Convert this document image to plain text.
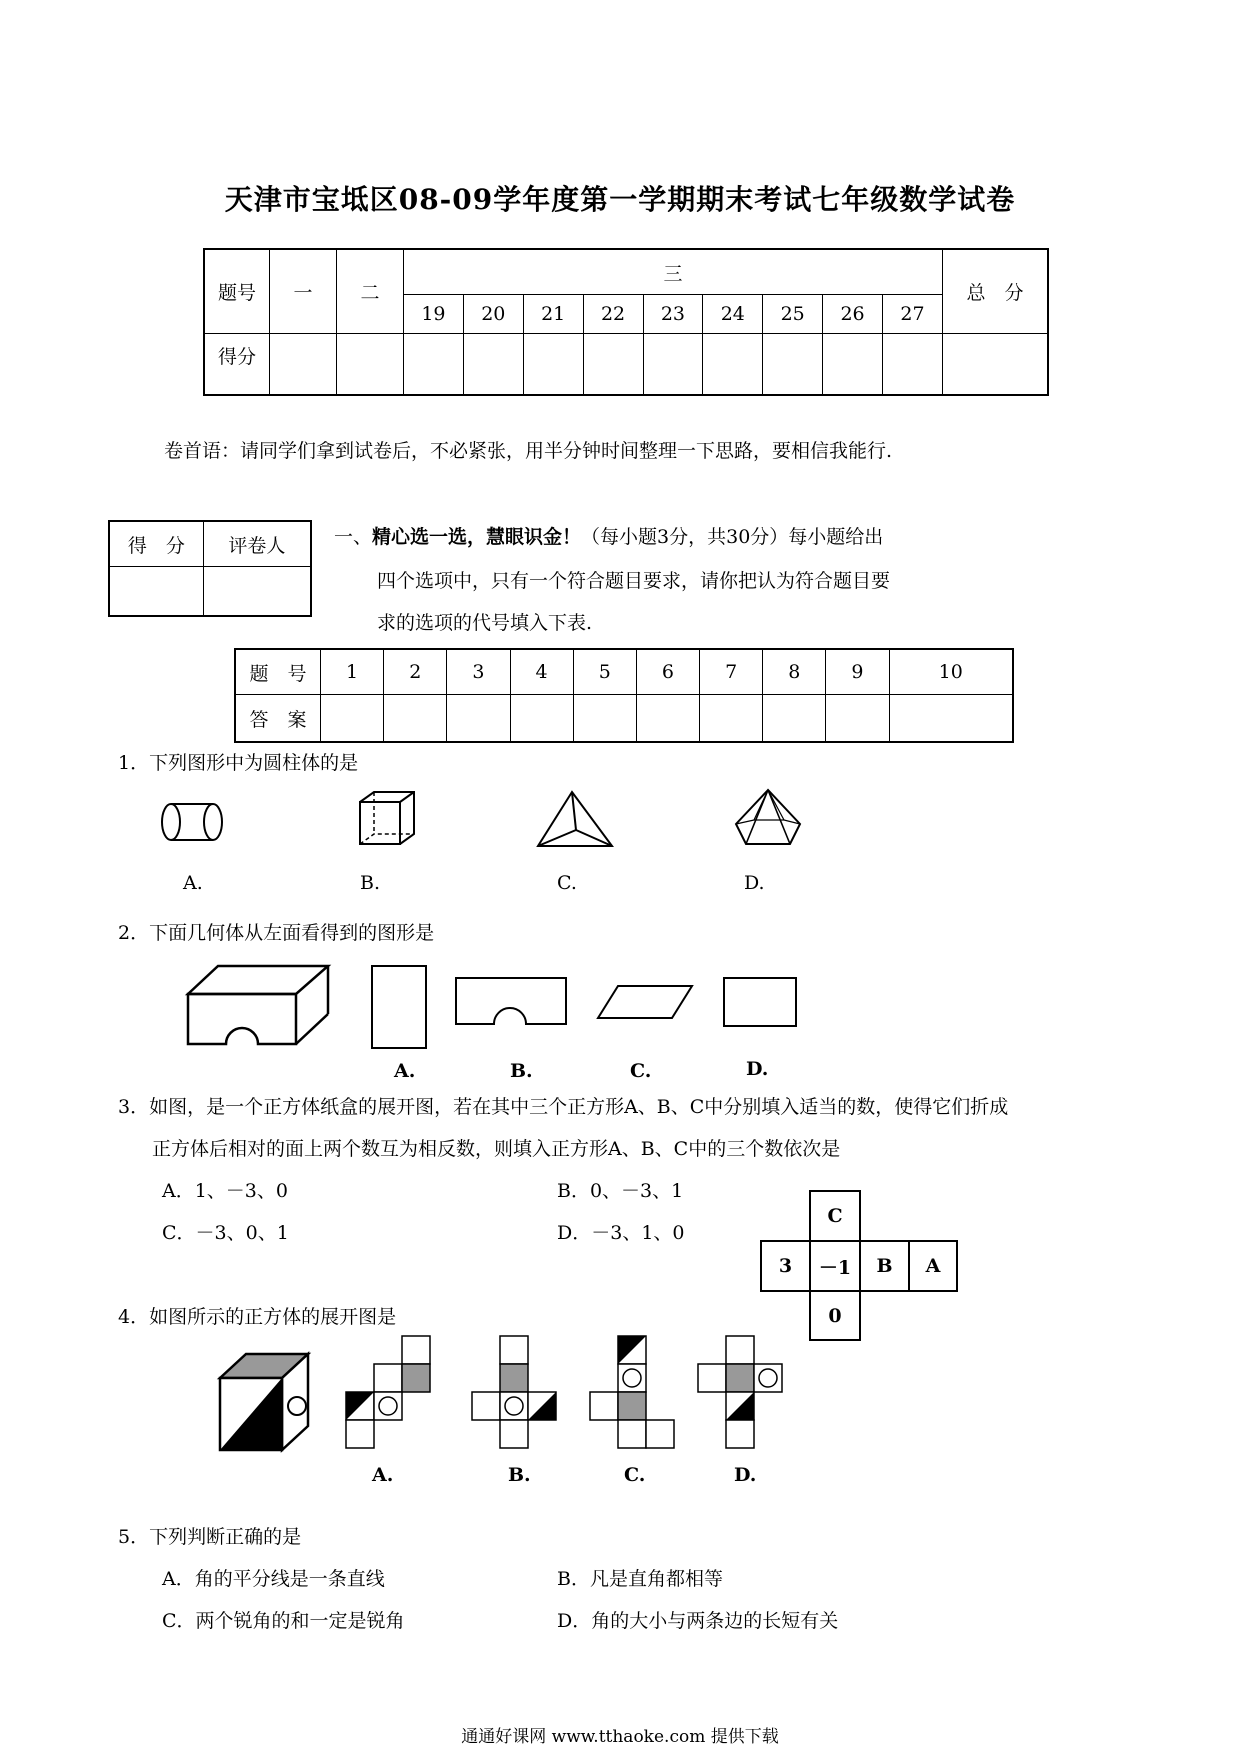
天津市宝坻区08-09学年度第一学期期末考试七年级数学试卷
题号	一	二	三									总　分
			19	20	21	22	23	24	25	26	27	
得分												
卷首语：请同学们拿到试卷后，不必紧张，用半分钟时间整理一下思路，要相信我能行.
得　分	评卷人
		一、精心选一选，慧眼识金！（每小题3分，共30分）每小题给出
四个选项中，只有一个符合题目要求，请你把认为符合题目要
求的选项的代号填入下表.
题　号	1	2	3	4	5	6	7	8	9	10
答　案										
1．下列图形中为圆柱体的是
A.	B.	C.	D.
2．下面几何体从左面看得到的图形是
A.	B.	C.	D.
3．如图，是一个正方体纸盒的展开图，若在其中三个正方形A、B、C中分别填入适当的数，使得它们折成
正方体后相对的面上两个数互为相反数，则填入正方形A、B、C中的三个数依次是
A．1、－3、0	B．0、－3、1
C．－3、0、1	D．－3、1、0
	C		
3	－1	B	A
	0		
4．如图所示的正方体的展开图是
A.	B.	C.	D.
5．下列判断正确的是
A．角的平分线是一条直线	B．凡是直角都相等
C．两个锐角的和一定是锐角	D．角的大小与两条边的长短有关
通通好课网 www.tthaoke.com 提供下载
